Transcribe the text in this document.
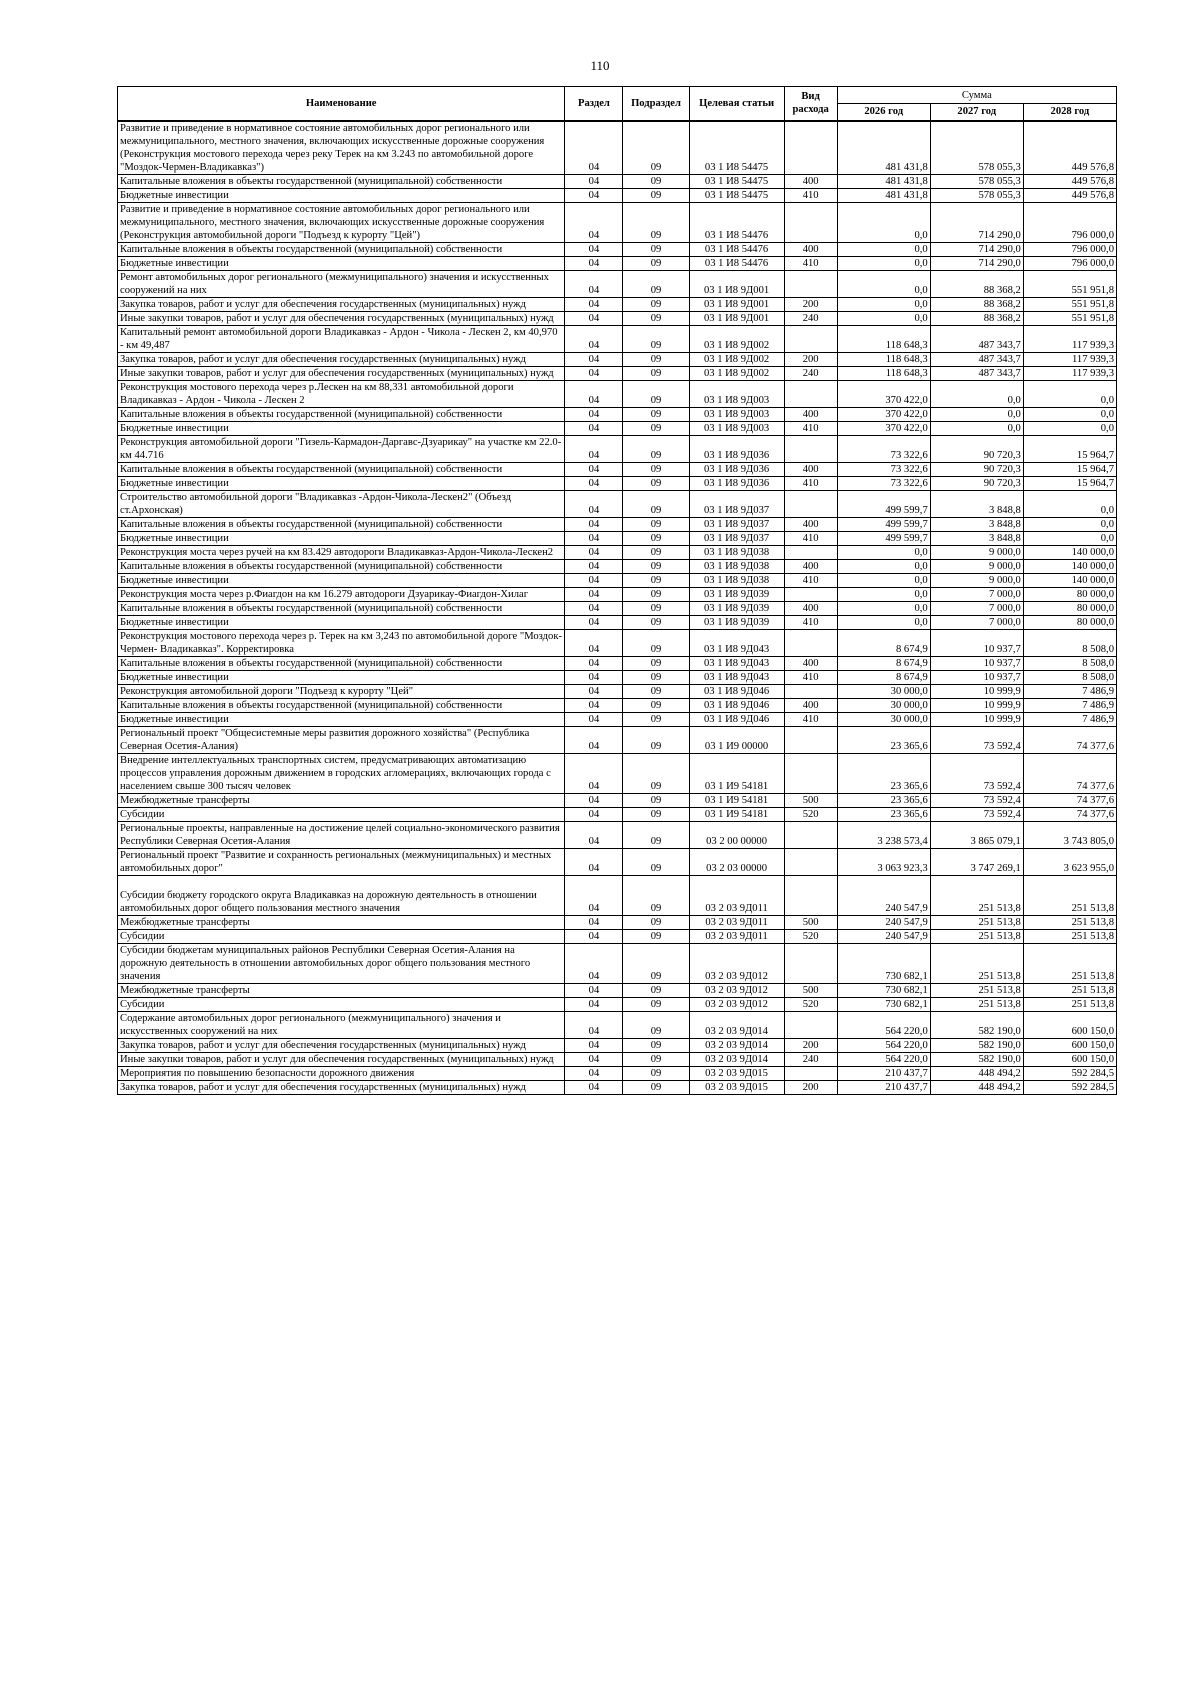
110
Наименование	Раздел	Подраздел	Целевая статьи	Вид расхода	Сумма		
					2026 год	2027 год	2028 год
Развитие и приведение в нормативное состояние автомобильных дорог регионального или межмуниципального, местного значения, включающих искусственные дорожные сооружения (Реконструкция мостового перехода через реку Терек на км 3.243 по автомобильной дороге "Моздок-Чермен-Владикавказ")	04	09	03 1 И8 54475		481 431,8	578 055,3	449 576,8
Капитальные вложения в объекты государственной (муниципальной) собственности	04	09	03 1 И8 54475	400	481 431,8	578 055,3	449 576,8
Бюджетные инвестиции	04	09	03 1 И8 54475	410	481 431,8	578 055,3	449 576,8
Развитие и приведение в нормативное состояние автомобильных дорог регионального или межмуниципального, местного значения, включающих искусственные дорожные сооружения (Реконструкция автомобильной дороги "Подъезд к курорту "Цей")	04	09	03 1 И8 54476		0,0	714 290,0	796 000,0
Капитальные вложения в объекты государственной (муниципальной) собственности	04	09	03 1 И8 54476	400	0,0	714 290,0	796 000,0
Бюджетные инвестиции	04	09	03 1 И8 54476	410	0,0	714 290,0	796 000,0
Ремонт автомобильных дорог регионального (межмуниципального) значения и искусственных сооружений на них	04	09	03 1 И8 9Д001		0,0	88 368,2	551 951,8
Закупка товаров, работ и услуг для обеспечения государственных (муниципальных) нужд	04	09	03 1 И8 9Д001	200	0,0	88 368,2	551 951,8
Иные закупки товаров, работ и услуг для обеспечения государственных (муниципальных) нужд	04	09	03 1 И8 9Д001	240	0,0	88 368,2	551 951,8
Капитальный ремонт автомобильной дороги Владикавказ - Ардон - Чикола - Лескен 2, км 40,970 - км 49,487	04	09	03 1 И8 9Д002		118 648,3	487 343,7	117 939,3
Закупка товаров, работ и услуг для обеспечения государственных (муниципальных) нужд	04	09	03 1 И8 9Д002	200	118 648,3	487 343,7	117 939,3
Иные закупки товаров, работ и услуг для обеспечения государственных (муниципальных) нужд	04	09	03 1 И8 9Д002	240	118 648,3	487 343,7	117 939,3
Реконструкция мостового перехода через р.Лескен на км 88,331 автомобильной дороги Владикавказ - Ардон - Чикола - Лескен 2	04	09	03 1 И8 9Д003		370 422,0	0,0	0,0
Капитальные вложения в объекты государственной (муниципальной) собственности	04	09	03 1 И8 9Д003	400	370 422,0	0,0	0,0
Бюджетные инвестиции	04	09	03 1 И8 9Д003	410	370 422,0	0,0	0,0
Реконструкция автомобильной дороги "Гизель-Кармадон-Даргавс-Дзуарикау" на участке км 22.0-км 44.716	04	09	03 1 И8 9Д036		73 322,6	90 720,3	15 964,7
Капитальные вложения в объекты государственной (муниципальной) собственности	04	09	03 1 И8 9Д036	400	73 322,6	90 720,3	15 964,7
Бюджетные инвестиции	04	09	03 1 И8 9Д036	410	73 322,6	90 720,3	15 964,7
Строительство автомобильной дороги "Владикавказ -Ардон-Чикола-Лескен2" (Объезд ст.Архонская)	04	09	03 1 И8 9Д037		499 599,7	3 848,8	0,0
Капитальные вложения в объекты государственной (муниципальной) собственности	04	09	03 1 И8 9Д037	400	499 599,7	3 848,8	0,0
Бюджетные инвестиции	04	09	03 1 И8 9Д037	410	499 599,7	3 848,8	0,0
Реконструкция моста через ручей на км 83.429 автодороги Владикавказ-Ардон-Чикола-Лескен2	04	09	03 1 И8 9Д038		0,0	9 000,0	140 000,0
Капитальные вложения в объекты государственной (муниципальной) собственности	04	09	03 1 И8 9Д038	400	0,0	9 000,0	140 000,0
Бюджетные инвестиции	04	09	03 1 И8 9Д038	410	0,0	9 000,0	140 000,0
Реконструкция моста через р.Фиагдон на км 16.279 автодороги Дзуарикау-Фиагдон-Хилаг	04	09	03 1 И8 9Д039		0,0	7 000,0	80 000,0
Капитальные вложения в объекты государственной (муниципальной) собственности	04	09	03 1 И8 9Д039	400	0,0	7 000,0	80 000,0
Бюджетные инвестиции	04	09	03 1 И8 9Д039	410	0,0	7 000,0	80 000,0
Реконструкция мостового перехода через р. Терек на км 3,243 по автомобильной дороге "Моздок-Чермен- Владикавказ". Корректировка	04	09	03 1 И8 9Д043		8 674,9	10 937,7	8 508,0
Капитальные вложения в объекты государственной (муниципальной) собственности	04	09	03 1 И8 9Д043	400	8 674,9	10 937,7	8 508,0
Бюджетные инвестиции	04	09	03 1 И8 9Д043	410	8 674,9	10 937,7	8 508,0
Реконструкция автомобильной дороги "Подъезд к курорту "Цей"	04	09	03 1 И8 9Д046		30 000,0	10 999,9	7 486,9
Капитальные вложения в объекты государственной (муниципальной) собственности	04	09	03 1 И8 9Д046	400	30 000,0	10 999,9	7 486,9
Бюджетные инвестиции	04	09	03 1 И8 9Д046	410	30 000,0	10 999,9	7 486,9
Региональный проект "Общесистемные меры развития дорожного хозяйства" (Республика Северная Осетия-Алания)	04	09	03 1 И9 00000		23 365,6	73 592,4	74 377,6
Внедрение интеллектуальных транспортных систем, предусматривающих автоматизацию процессов управления дорожным движением в городских агломерациях, включающих города с населением свыше 300 тысяч человек	04	09	03 1 И9 54181		23 365,6	73 592,4	74 377,6
Межбюджетные трансферты	04	09	03 1 И9 54181	500	23 365,6	73 592,4	74 377,6
Субсидии	04	09	03 1 И9 54181	520	23 365,6	73 592,4	74 377,6
Региональные проекты, направленные на достижение целей социально-экономического развития Республики Северная Осетия-Алания	04	09	03 2 00 00000		3 238 573,4	3 865 079,1	3 743 805,0
Региональный проект "Развитие и сохранность региональных (межмуниципальных) и местных автомобильных дорог"	04	09	03 2 03 00000		3 063 923,3	3 747 269,1	3 623 955,0
Субсидии бюджету городского округа Владикавказ на дорожную деятельность в отношении автомобильных дорог общего пользования местного значения	04	09	03 2 03 9Д011		240 547,9	251 513,8	251 513,8
Межбюджетные трансферты	04	09	03 2 03 9Д011	500	240 547,9	251 513,8	251 513,8
Субсидии	04	09	03 2 03 9Д011	520	240 547,9	251 513,8	251 513,8
Субсидии бюджетам муниципальных районов Республики Северная Осетия-Алания на дорожную деятельность в отношении автомобильных дорог общего пользования местного значения	04	09	03 2 03 9Д012		730 682,1	251 513,8	251 513,8
Межбюджетные трансферты	04	09	03 2 03 9Д012	500	730 682,1	251 513,8	251 513,8
Субсидии	04	09	03 2 03 9Д012	520	730 682,1	251 513,8	251 513,8
Содержание автомобильных дорог регионального (межмуниципального) значения и искусственных сооружений на них	04	09	03 2 03 9Д014		564 220,0	582 190,0	600 150,0
Закупка товаров, работ и услуг для обеспечения государственных (муниципальных) нужд	04	09	03 2 03 9Д014	200	564 220,0	582 190,0	600 150,0
Иные закупки товаров, работ и услуг для обеспечения государственных (муниципальных) нужд	04	09	03 2 03 9Д014	240	564 220,0	582 190,0	600 150,0
Мероприятия по повышению безопасности дорожного движения	04	09	03 2 03 9Д015		210 437,7	448 494,2	592 284,5
Закупка товаров, работ и услуг для обеспечения государственных (муниципальных) нужд	04	09	03 2 03 9Д015	200	210 437,7	448 494,2	592 284,5
